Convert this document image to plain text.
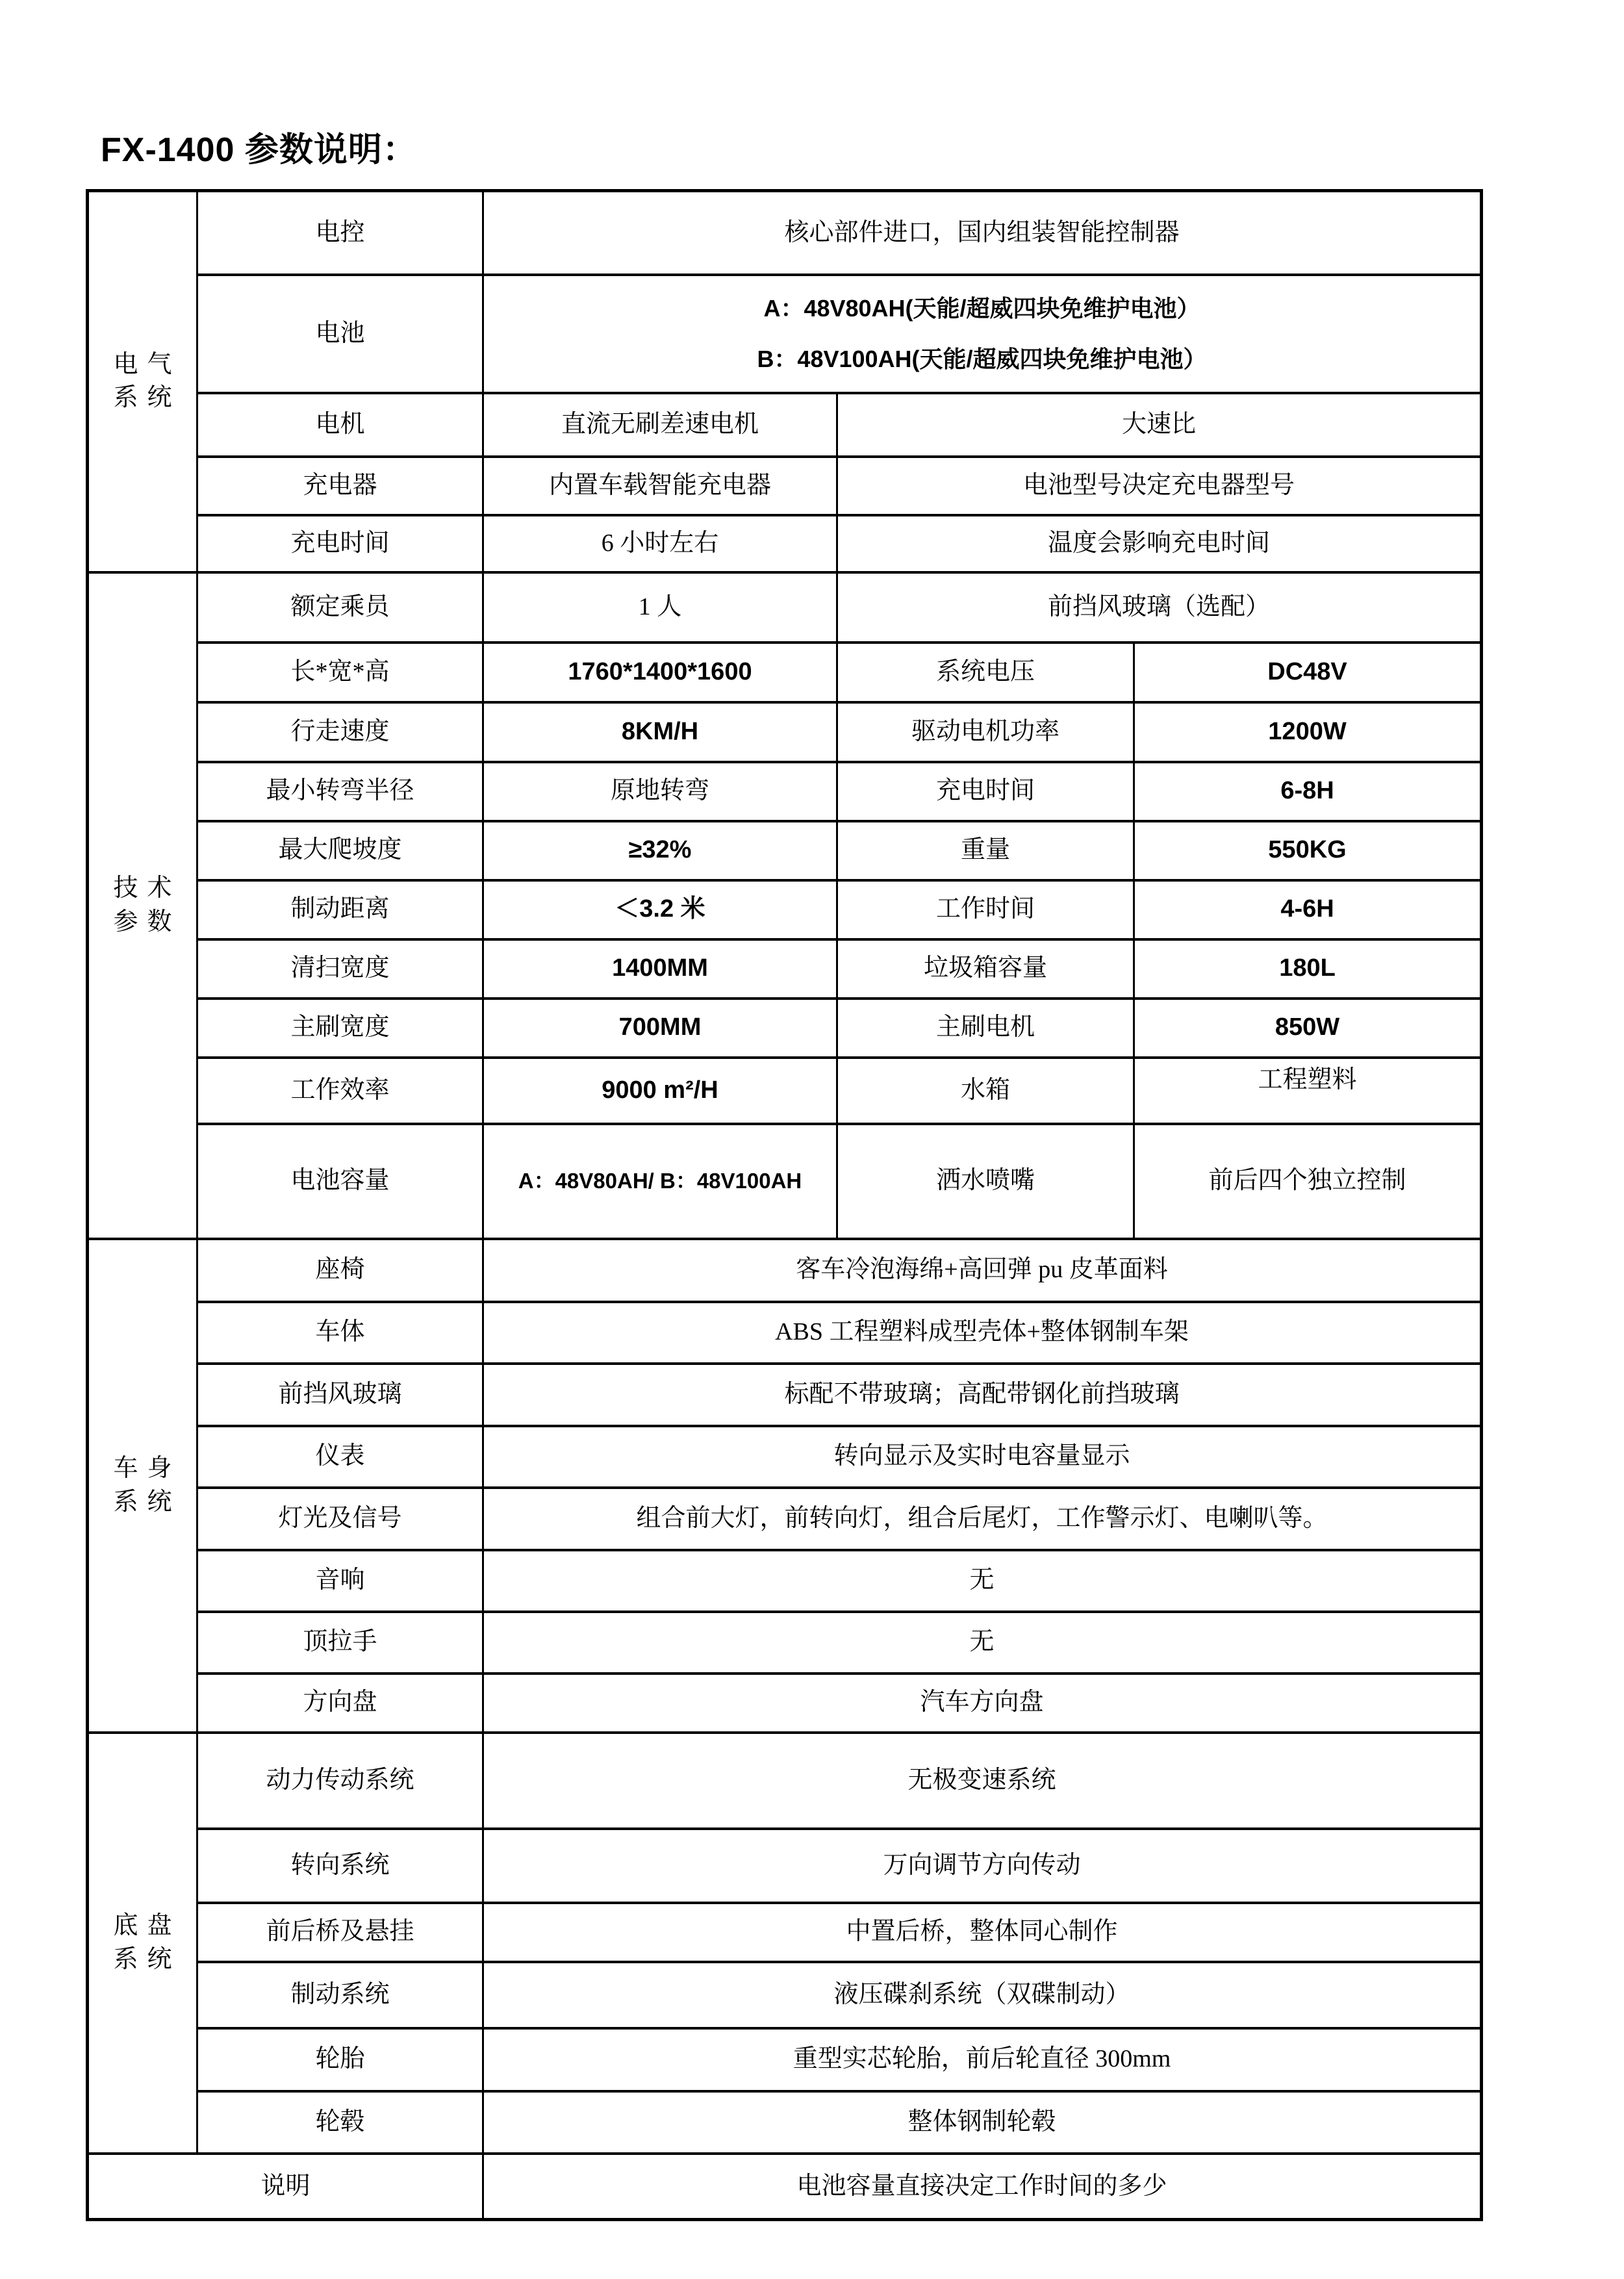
FX-1400 参数说明：
电气
系统	电控	核心部件进口，国内组装智能控制器		
	电池	A：48V80AH(天能/超威四块免维护电池）
B：48V100AH(天能/超威四块免维护电池）		

	电机	直流无刷差速电机	大速比	
	充电器	内置车载智能充电器	电池型号决定充电器型号	
	充电时间	6 小时左右	温度会影响充电时间	

技术
参数	额定乘员	1 人	前挡风玻璃（选配）	
	长*宽*高	1760*1400*1600	系统电压	DC48V
	行走速度	8KM/H	驱动电机功率	1200W
	最小转弯半径	原地转弯	充电时间	6-8H
	最大爬坡度	≥32%	重量	550KG
	制动距离	＜3.2 米	工作时间	4-6H
	清扫宽度	1400MM	垃圾箱容量	180L
	主刷宽度	700MM	主刷电机	850W
	工作效率	9000 m²/H	水箱	工程塑料

	电池容量	A：48V80AH/ B：48V100AH	洒水喷嘴	前后四个独立控制

车身
系统	座椅	客车冷泡海绵+高回弹 pu 皮革面料		
	车体	ABS 工程塑料成型壳体+整体钢制车架		
	前挡风玻璃	标配不带玻璃；高配带钢化前挡玻璃		
	仪表	转向显示及实时电容量显示		
	灯光及信号	组合前大灯，前转向灯，组合后尾灯，工作警示灯、电喇叭等。		
	音响	无		
	顶拉手	无		
	方向盘	汽车方向盘		

底盘
系统	动力传动系统	无极变速系统		
	转向系统	万向调节方向传动		
	前后桥及悬挂	中置后桥，整体同心制作		
	制动系统	液压碟刹系统（双碟制动）		
	轮胎	重型实芯轮胎，前后轮直径 300mm		
	轮毂	整体钢制轮毂		
说明		电池容量直接决定工作时间的多少		
